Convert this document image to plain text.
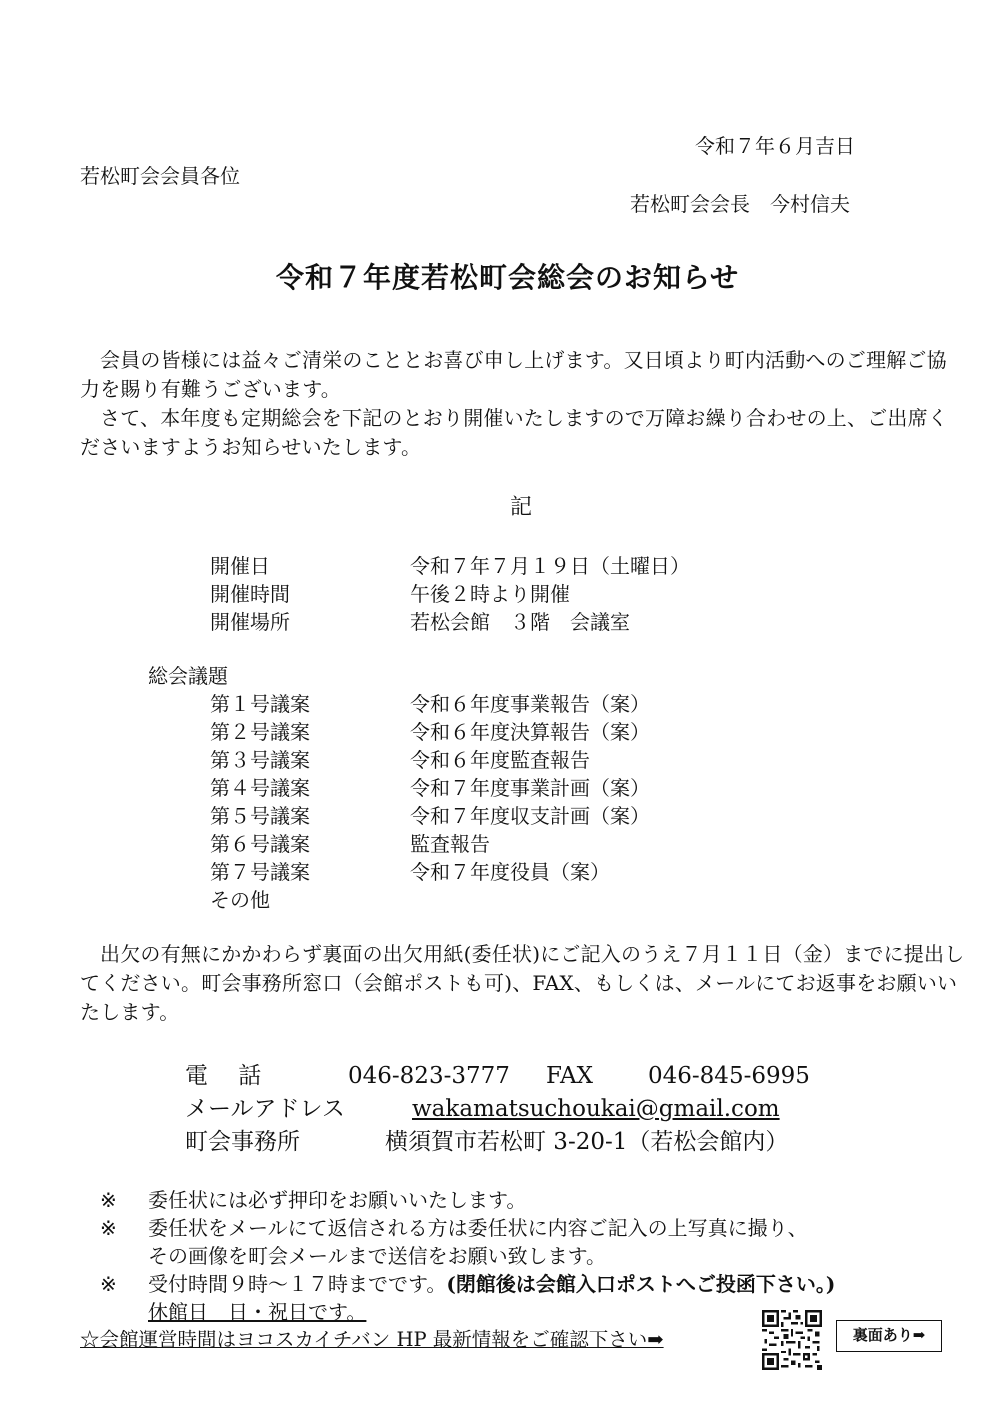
令和７年６月吉日
若松町会会員各位
若松町会会長　今村信夫
令和７年度若松町会総会のお知らせ

会員の皆様には益々ご清栄のこととお喜び申し上げます。又日頃より町内活動へのご理解ご協力を賜り有難うございます。

さて、本年度も定期総会を下記のとおり開催いたしますので万障お繰り合わせの上、ご出席くださいますようお知らせいたします。

記
開催日	令和７年７月１９日（土曜日）
開催時間	午後２時より開催
開催場所	若松会館　３階　会議室
総会議題
第１号議案	令和６年度事業報告（案）
第２号議案	令和６年度決算報告（案）
第３号議案	令和６年度監査報告
第４号議案	令和７年度事業計画（案）
第５号議案	令和７年度収支計画（案）
第６号議案	監査報告
第７号議案	令和７年度役員（案）
その他
出欠の有無にかかわらず裏面の出欠用紙(委任状)にご記入のうえ７月１１日（金）までに提出してください。町会事務所窓口（会館ポストも可)、FAX、もしくは、メールにてお返事をお願いいたします。
電　 話	046-823-3777 FAX 046-845-6995
メールアドレス	wakamatsuchoukai@gmail.com
町会事務所	横須賀市若松町 3-20-1（若松会館内）
※ 委任状には必ず押印をお願いいたします。
※ 委任状をメールにて返信される方は委任状に内容ご記入の上写真に撮り、
その画像を町会メールまで送信をお願い致します。
※ 受付時間９時～１７時までです。(閉館後は会館入口ポストへご投函下さい。)
休館日　日・祝日です。
☆会館運営時間はヨコスカイチバン HP 最新情報をご確認下さい➡	裏面あり➡
